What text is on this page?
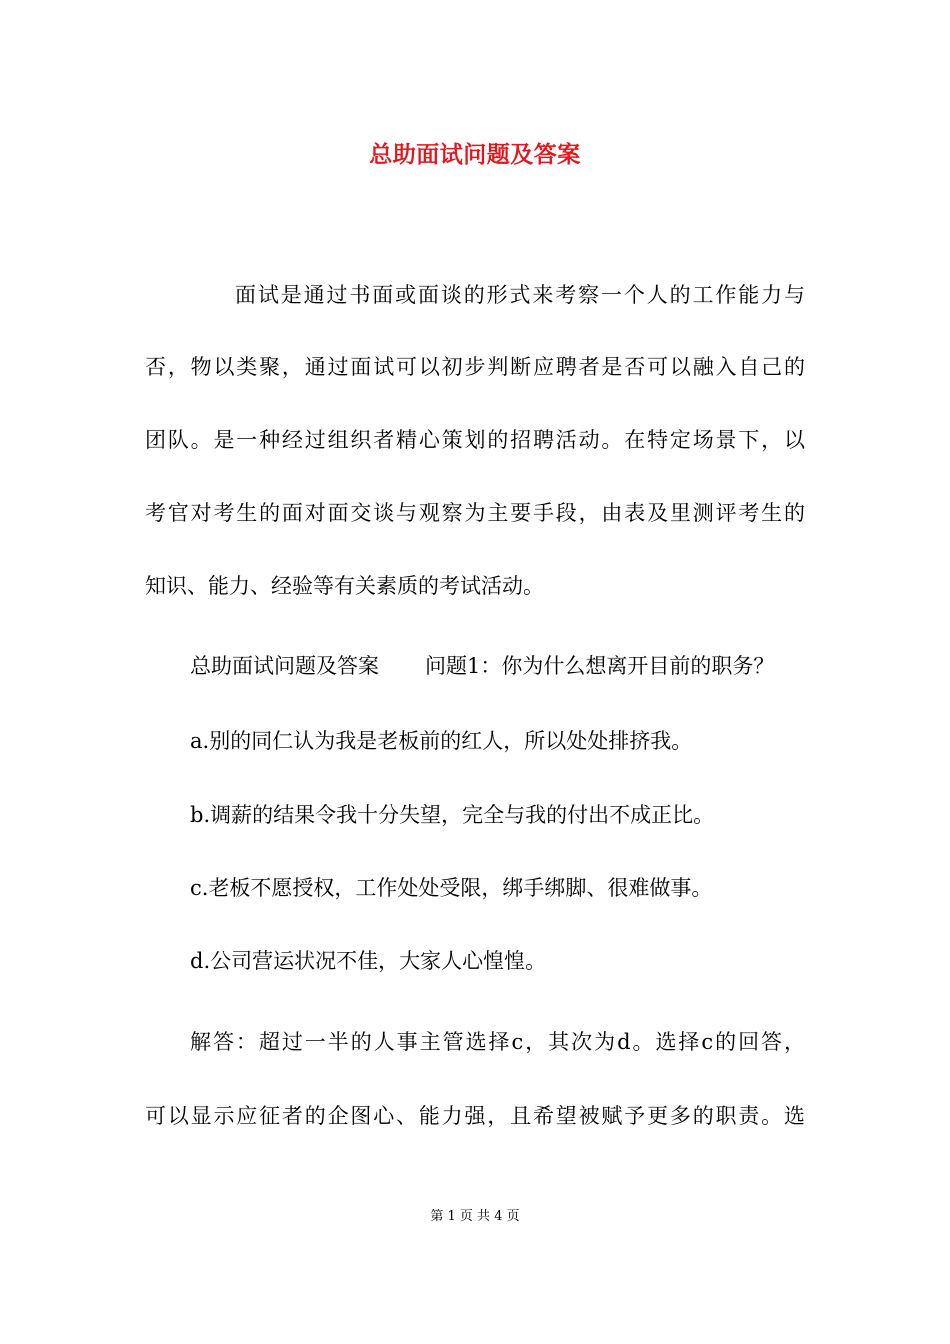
总助面试问题及答案

面试是通过书面或面谈的形式来考察一个人的工作能力与

否，物以类聚，通过面试可以初步判断应聘者是否可以融入自己的

团队。是一种经过组织者精心策划的招聘活动。在特定场景下，以

考官对考生的面对面交谈与观察为主要手段，由表及里测评考生的

知识、能力、经验等有关素质的考试活动。

总助面试问题及答案 问题1：你为什么想离开目前的职务？

a.别的同仁认为我是老板前的红人，所以处处排挤我。

b.调薪的结果令我十分失望，完全与我的付出不成正比。

c.老板不愿授权，工作处处受限，绑手绑脚、很难做事。

d.公司营运状况不佳，大家人心惶惶。

解答：超过一半的人事主管选择c，其次为d。选择c的回答，

可以显示应征者的企图心、能力强，且希望被赋予更多的职责。选

第 1 页 共 4 页
